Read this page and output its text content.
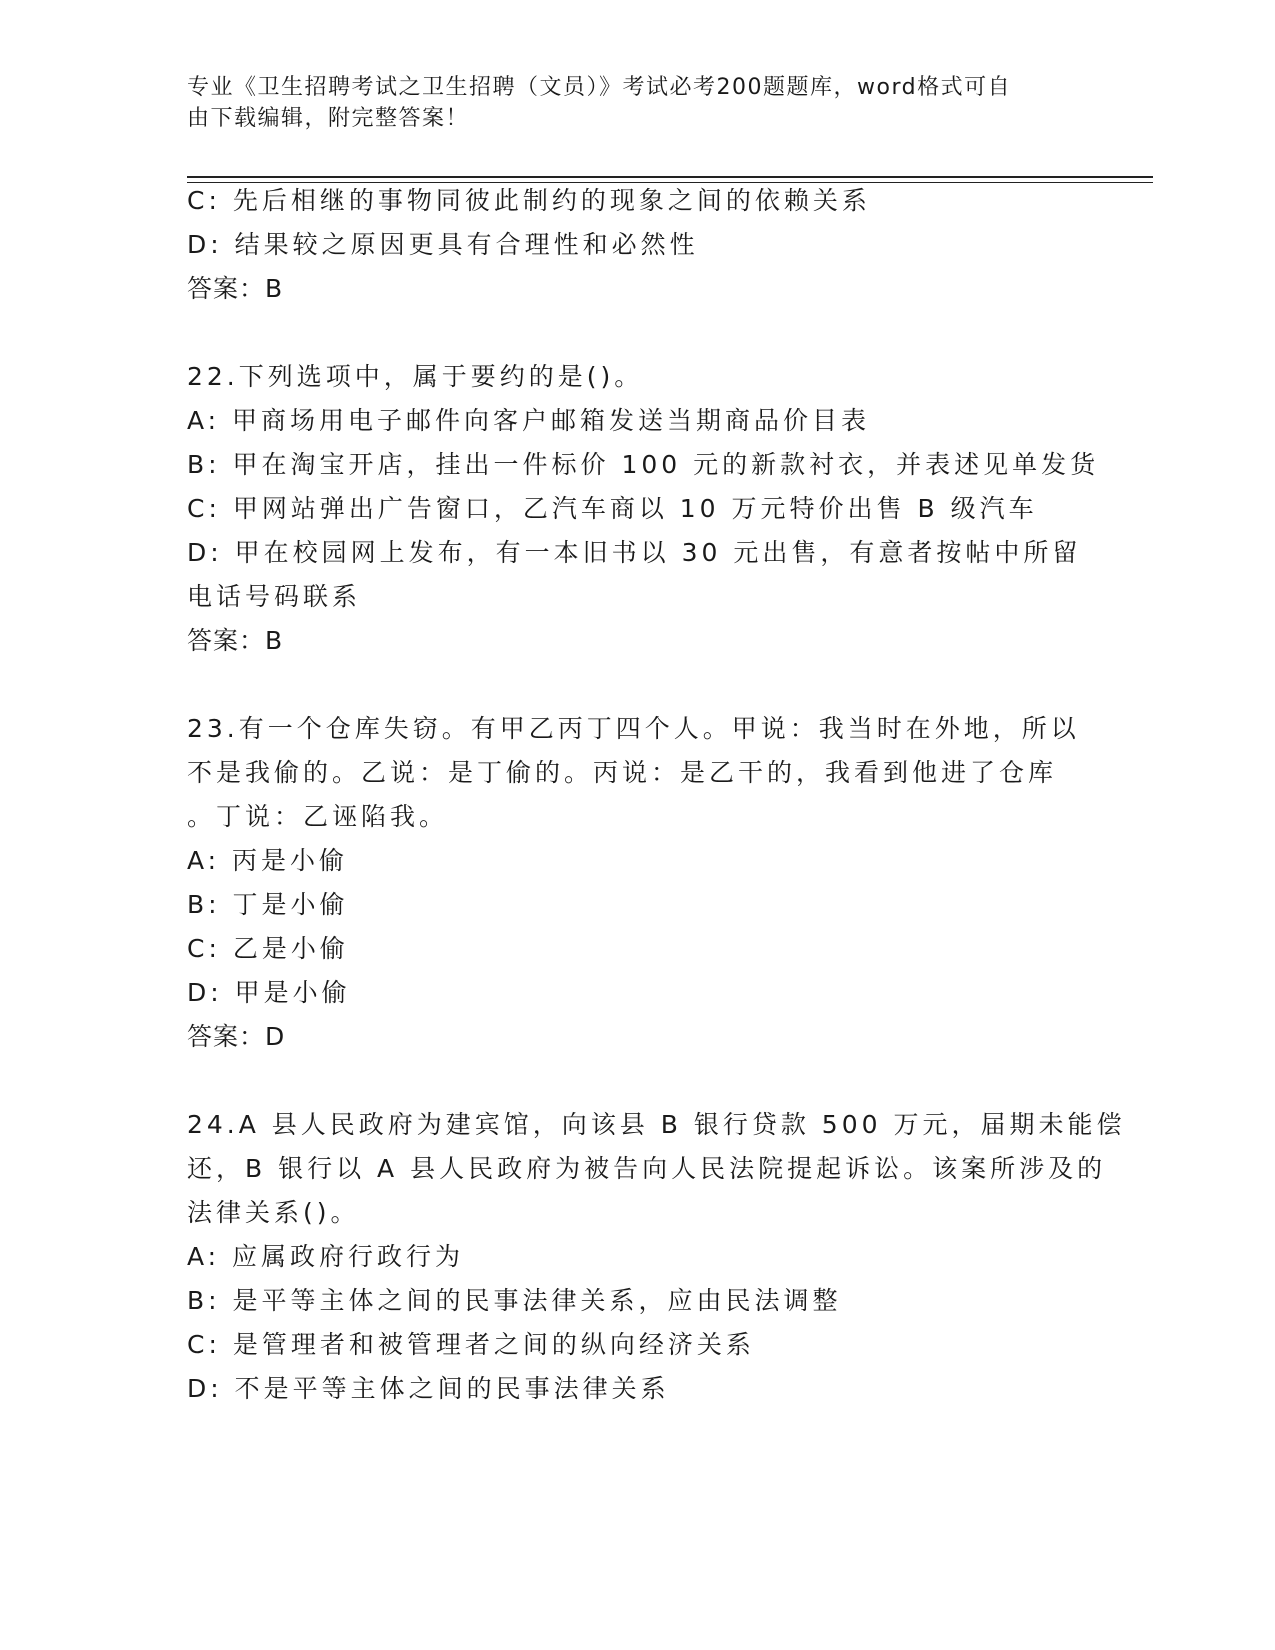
专业《卫生招聘考试之卫生招聘（文员）》考试必考200题题库，word格式可自
由下载编辑，附完整答案！
C: 先后相继的事物同彼此制约的现象之间的依赖关系
D: 结果较之原因更具有合理性和必然性
答案：B
22.下列选项中，属于要约的是()。
A: 甲商场用电子邮件向客户邮箱发送当期商品价目表
B: 甲在淘宝开店，挂出一件标价 100 元的新款衬衣，并表述见单发货
C: 甲网站弹出广告窗口，乙汽车商以 10 万元特价出售 B 级汽车
D: 甲在校园网上发布，有一本旧书以 30 元出售，有意者按帖中所留
电话号码联系
答案：B
23.有一个仓库失窃。有甲乙丙丁四个人。甲说：我当时在外地，所以
不是我偷的。乙说：是丁偷的。丙说：是乙干的，我看到他进了仓库
。丁说：乙诬陷我。
A: 丙是小偷
B: 丁是小偷
C: 乙是小偷
D: 甲是小偷
答案：D
24.A 县人民政府为建宾馆，向该县 B 银行贷款 500 万元，届期未能偿
还，B 银行以 A 县人民政府为被告向人民法院提起诉讼。该案所涉及的
法律关系()。
A: 应属政府行政行为
B: 是平等主体之间的民事法律关系，应由民法调整
C: 是管理者和被管理者之间的纵向经济关系
D: 不是平等主体之间的民事法律关系
